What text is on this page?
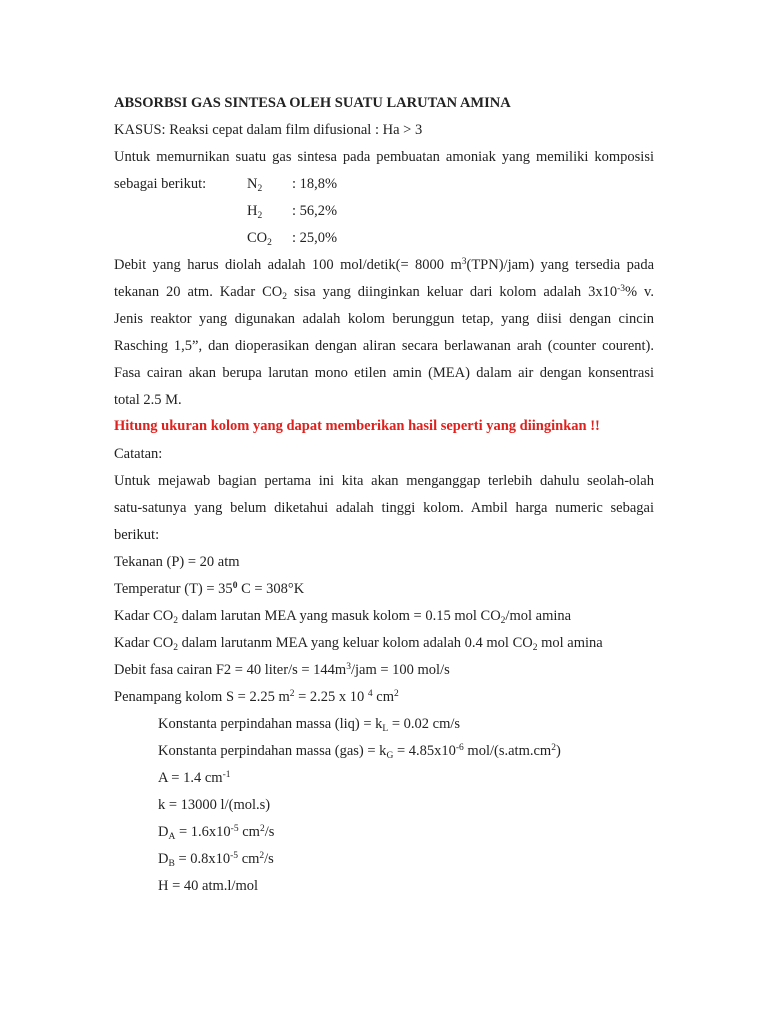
ABSORBSI GAS SINTESA OLEH SUATU LARUTAN AMINA
KASUS: Reaksi cepat dalam film difusional : Ha > 3
Untuk memurnikan suatu gas sintesa pada pembuatan amoniak yang memiliki komposisi
sebagai berikut:	$N_2$ : 18,8%
$H_2$ : 56,2%
$CO_2$ : 25,0%
Debit yang harus diolah adalah 100 mol/detik(= 8000 $m^3(TPN)/jam$) yang tersedia pada
tekanan 20 atm. Kadar $CO_2$ sisa yang diinginkan keluar dari kolom adalah $3x10^{-3}\%$ v.
Jenis reaktor yang digunakan adalah kolom berunggun tetap, yang diisi dengan cincin
Rasching 1,5”, dan dioperasikan dengan aliran secara berlawanan arah (counter courent).
Fasa cairan akan berupa larutan mono etilen amin (MEA) dalam air dengan konsentrasi
total 2.5 M.
Hitung ukuran kolom yang dapat memberikan hasil seperti yang diinginkan !!
Catatan:
Untuk mejawab bagian pertama ini kita akan menganggap terlebih dahulu seolah-olah
satu-satunya yang belum diketahui adalah tinggi kolom. Ambil harga numeric sebagai
berikut:
Tekanan (P) = 20 atm
Temperatur $(T) = 35^0$ C = 308°K
Kadar $CO_2$ dalam larutan MEA yang masuk kolom = 0.15 mol $CO_2$/mol amina
Kadar $CO_2$ dalam larutanm MEA yang keluar kolom adalah 0.4 mol $CO_2$ mol amina
Debit fasa cairan F2 = 40 liter/s = $144m^3$/jam = 100 mol/s
Penampang kolom S = 2.25 $m^2 = 2.25$ x 10 $^4$ $cm^2$
Konstanta perpindahan massa $(liq) = k_L = 0.02$ cm/s
Konstanta perpindahan massa $(gas) = k_G = 4.85x10^{-6}$ mol/$(s.atm.cm^2)$
A = 1.4 $cm^{-1}$
k = 13000 l/(mol.s)
$D_A = 1.6x10^{-5}$ $cm^2/s$
$D_B = 0.8x10^{-5}$ $cm^2/s$
H = 40 atm.l/mol
